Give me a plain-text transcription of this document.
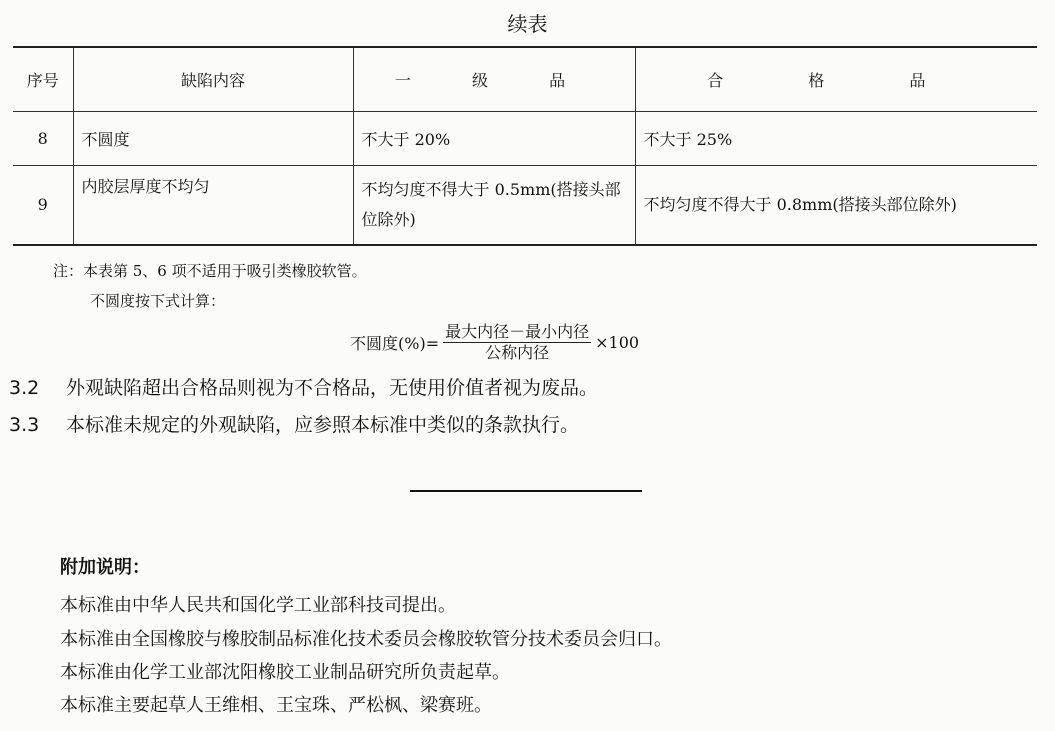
续表
序号	缺陷内容	一 级 品	合 格 品
8	不圆度	不大于 20%	不大于 25%
9	内胶层厚度不均匀	不均匀度不得大于 0.5mm(搭接头部位除外)	不均匀度不得大于 0.8mm(搭接头部位除外)
注：本表第 5、6 项不适用于吸引类橡胶软管。
不圆度按下式计算：
不圆度(%)= $\frac{\text{最大内径－最小内径}}{\text{公称内径}} \times 100$
3.2 外观缺陷超出合格品则视为不合格品，无使用价值者视为废品。
3.3 本标准未规定的外观缺陷，应参照本标准中类似的条款执行。
附加说明：
本标准由中华人民共和国化学工业部科技司提出。
本标准由全国橡胶与橡胶制品标准化技术委员会橡胶软管分技术委员会归口。
本标准由化学工业部沈阳橡胶工业制品研究所负责起草。
本标准主要起草人王维相、王宝珠、严松枫、梁赛班。
